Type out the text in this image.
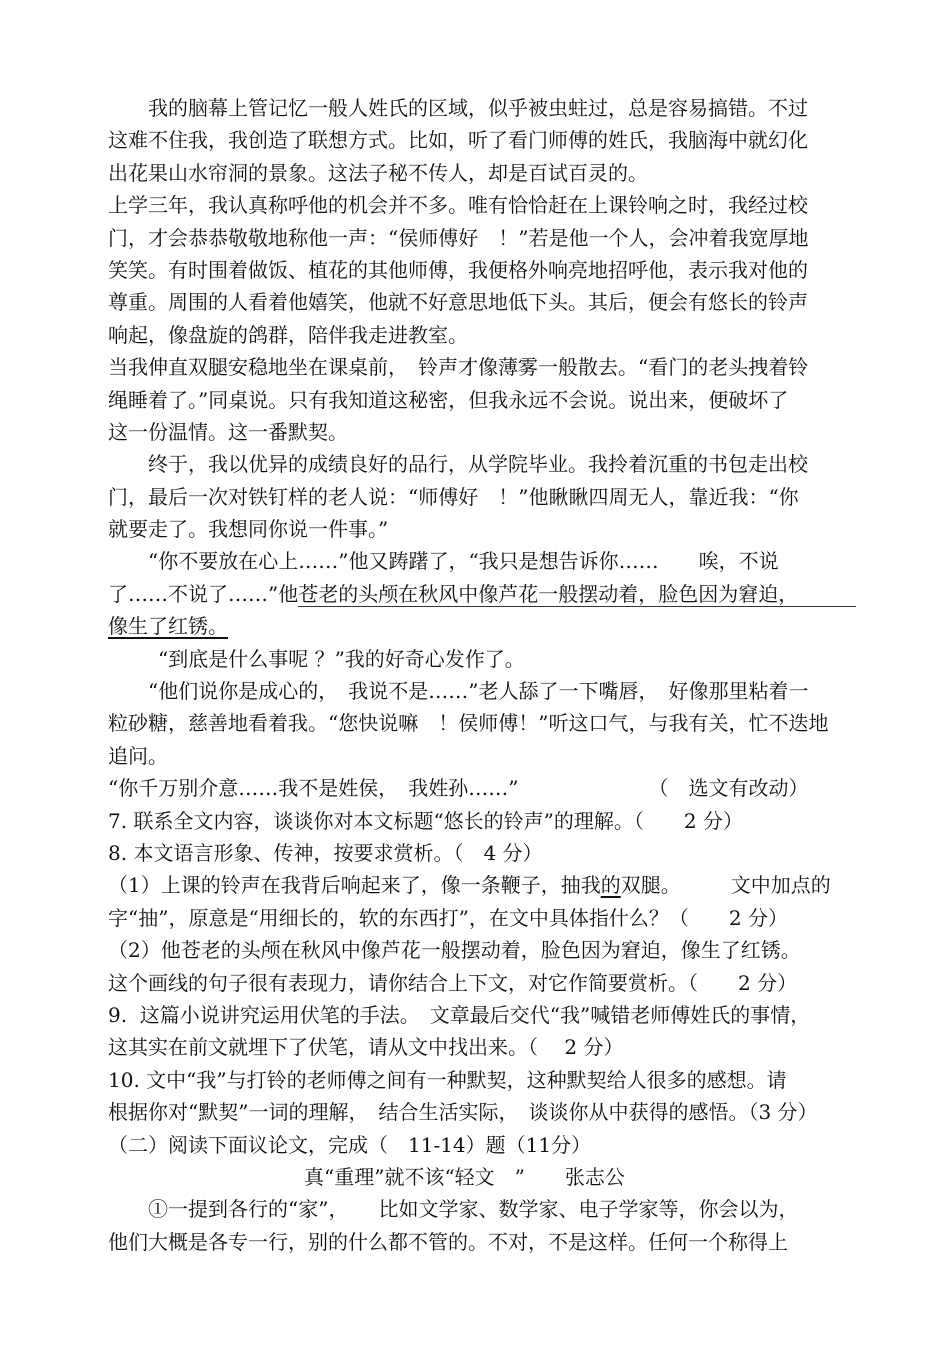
我的脑幕上管记忆一般人姓氏的区域，似乎被虫蛀过，总是容易搞错。不过
这难不住我，我创造了联想方式。比如，听了看门师傅的姓氏，我脑海中就幻化
出花果山水帘洞的景象。这法子秘不传人，却是百试百灵的。
上学三年，我认真称呼他的机会并不多。唯有恰恰赶在上课铃响之时，我经过校
门，才会恭恭敬敬地称他一声：“侯师傅好　！”若是他一个人，会冲着我宽厚地
笑笑。有时围着做饭、植花的其他师傅，我便格外响亮地招呼他，表示我对他的
尊重。周围的人看着他嬉笑，他就不好意思地低下头。其后，便会有悠长的铃声
响起，像盘旋的鸽群，陪伴我走进教室。
当我伸直双腿安稳地坐在课桌前，　铃声才像薄雾一般散去。“看门的老头拽着铃
绳睡着了。”同桌说。只有我知道这秘密，但我永远不会说。说出来，便破坏了
这一份温情。这一番默契。
终于，我以优异的成绩良好的品行，从学院毕业。我拎着沉重的书包走出校
门，最后一次对铁钉样的老人说：“师傅好　！”他瞅瞅四周无人，靠近我：“你
就要走了。我想同你说一件事。”
“你不要放在心上……”他又踌躇了，“我只是想告诉你……　　唉，不说
了……不说了……”他苍老的头颅在秋风中像芦花一般摆动着，脸色因为窘迫，
像生了红锈。
“到底是什么事呢 ？”我的好奇心发作了。
“他们说你是成心的，　我说不是……”老人舔了一下嘴唇，　好像那里粘着一
粒砂糖，慈善地看着我。“您快说嘛　！侯师傅！”听这口气，与我有关，忙不迭地
追问。
“你千万别介意……我不是姓侯，　我姓孙……”　　　　　　　（　选文有改动）
7. 联系全文内容，谈谈你对本文标题“悠长的铃声”的理解。（　　2 分）
8. 本文语言形象、传神，按要求赏析。（　4 分）
（1）上课的铃声在我背后响起来了，像一条鞭子，抽我的双腿。　　　文中加点的
字“抽”，原意是“用细长的，软的东西打”，在文中具体指什么？（　　2 分）
（2）他苍老的头颅在秋风中像芦花一般摆动着，脸色因为窘迫，像生了红锈。
这个画线的句子很有表现力，请你结合上下文，对它作简要赏析。（　　2 分）
9.  这篇小说讲究运用伏笔的手法。　文章最后交代“我”喊错老师傅姓氏的事情，
这其实在前文就埋下了伏笔，请从文中找出来。（　 2 分）
10. 文中“我”与打铃的老师傅之间有一种默契，这种默契给人很多的感想。请
根据你对“默契”一词的理解，　结合生活实际，　谈谈你从中获得的感悟。（3 分）
（二）阅读下面议论文，完成（　11-14）题（11分）
真“重理”就不该“轻文　”　　张志公
①一提到各行的“家”，　　比如文学家、数学家、电子学家等，你会以为，
他们大概是各专一行，别的什么都不管的。不对，不是这样。任何一个称得上
